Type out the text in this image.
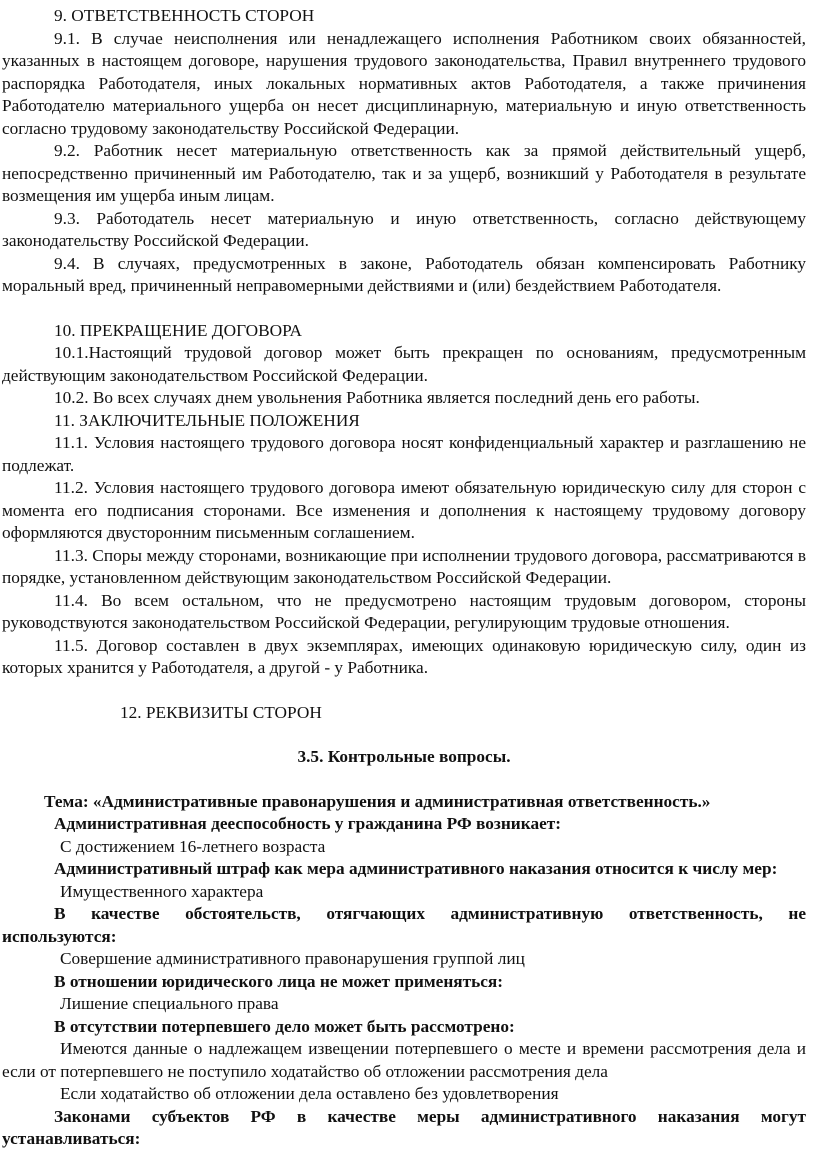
9. ОТВЕТСТВЕННОСТЬ СТОРОН

9.1. В случае неисполнения или ненадлежащего исполнения Работником своих обязанностей, указанных в настоящем договоре, нарушения трудового законодательства, Правил внутреннего трудового распорядка Работодателя, иных локальных нормативных актов Работодателя, а также причинения Работодателю материального ущерба он несет дисциплинарную, материальную и иную ответственность согласно трудовому законодательству Российской Федерации.

9.2. Работник несет материальную ответственность как за прямой действительный ущерб, непосредственно причиненный им Работодателю, так и за ущерб, возникший у Работодателя в результате возмещения им ущерба иным лицам.

9.3. Работодатель несет материальную и иную ответственность, согласно действующему законодательству Российской Федерации.

9.4. В случаях, предусмотренных в законе, Работодатель обязан компенсировать Работнику моральный вред, причиненный неправомерными действиями и (или) бездействием Работодателя.

10. ПРЕКРАЩЕНИЕ ДОГОВОРА

10.1.Настоящий трудовой договор может быть прекращен по основаниям, предусмотренным действующим законодательством Российской Федерации.

10.2. Во всех случаях днем увольнения Работника является последний день его работы.

11. ЗАКЛЮЧИТЕЛЬНЫЕ ПОЛОЖЕНИЯ

11.1. Условия настоящего трудового договора носят конфиденциальный характер и разглашению не подлежат.

11.2. Условия настоящего трудового договора имеют обязательную юридическую силу для сторон с момента его подписания сторонами. Все изменения и дополнения к настоящему трудовому договору оформляются двусторонним письменным соглашением.

11.3. Споры между сторонами, возникающие при исполнении трудового договора, рассматриваются в порядке, установленном действующим законодательством Российской Федерации.

11.4. Во всем остальном, что не предусмотрено настоящим трудовым договором, стороны руководствуются законодательством Российской Федерации, регулирующим трудовые отношения.

11.5. Договор составлен в двух экземплярах, имеющих одинаковую юридическую силу, один из которых хранится у Работодателя, а другой - у Работника.

12. РЕКВИЗИТЫ СТОРОН

3.5. Контрольные вопросы.

Тема: «Административные правонарушения и административная ответственность.»

Административная дееспособность у гражданина РФ возникает:

С достижением 16-летнего возраста

Административный штраф как мера административного наказания относится к числу мер:

Имущественного характера

В качестве обстоятельств, отягчающих административную ответственность, не используются:

Совершение административного правонарушения группой лиц

В отношении юридического лица не может применяться:

Лишение специального права

В отсутствии потерпевшего дело может быть рассмотрено:

Имеются данные о надлежащем извещении потерпевшего о месте и времени рассмотрения дела и если от потерпевшего не поступило ходатайство об отложении рассмотрения дела

Если ходатайство об отложении дела оставлено без удовлетворения

Законами субъектов РФ в качестве меры административного наказания могут устанавливаться:
